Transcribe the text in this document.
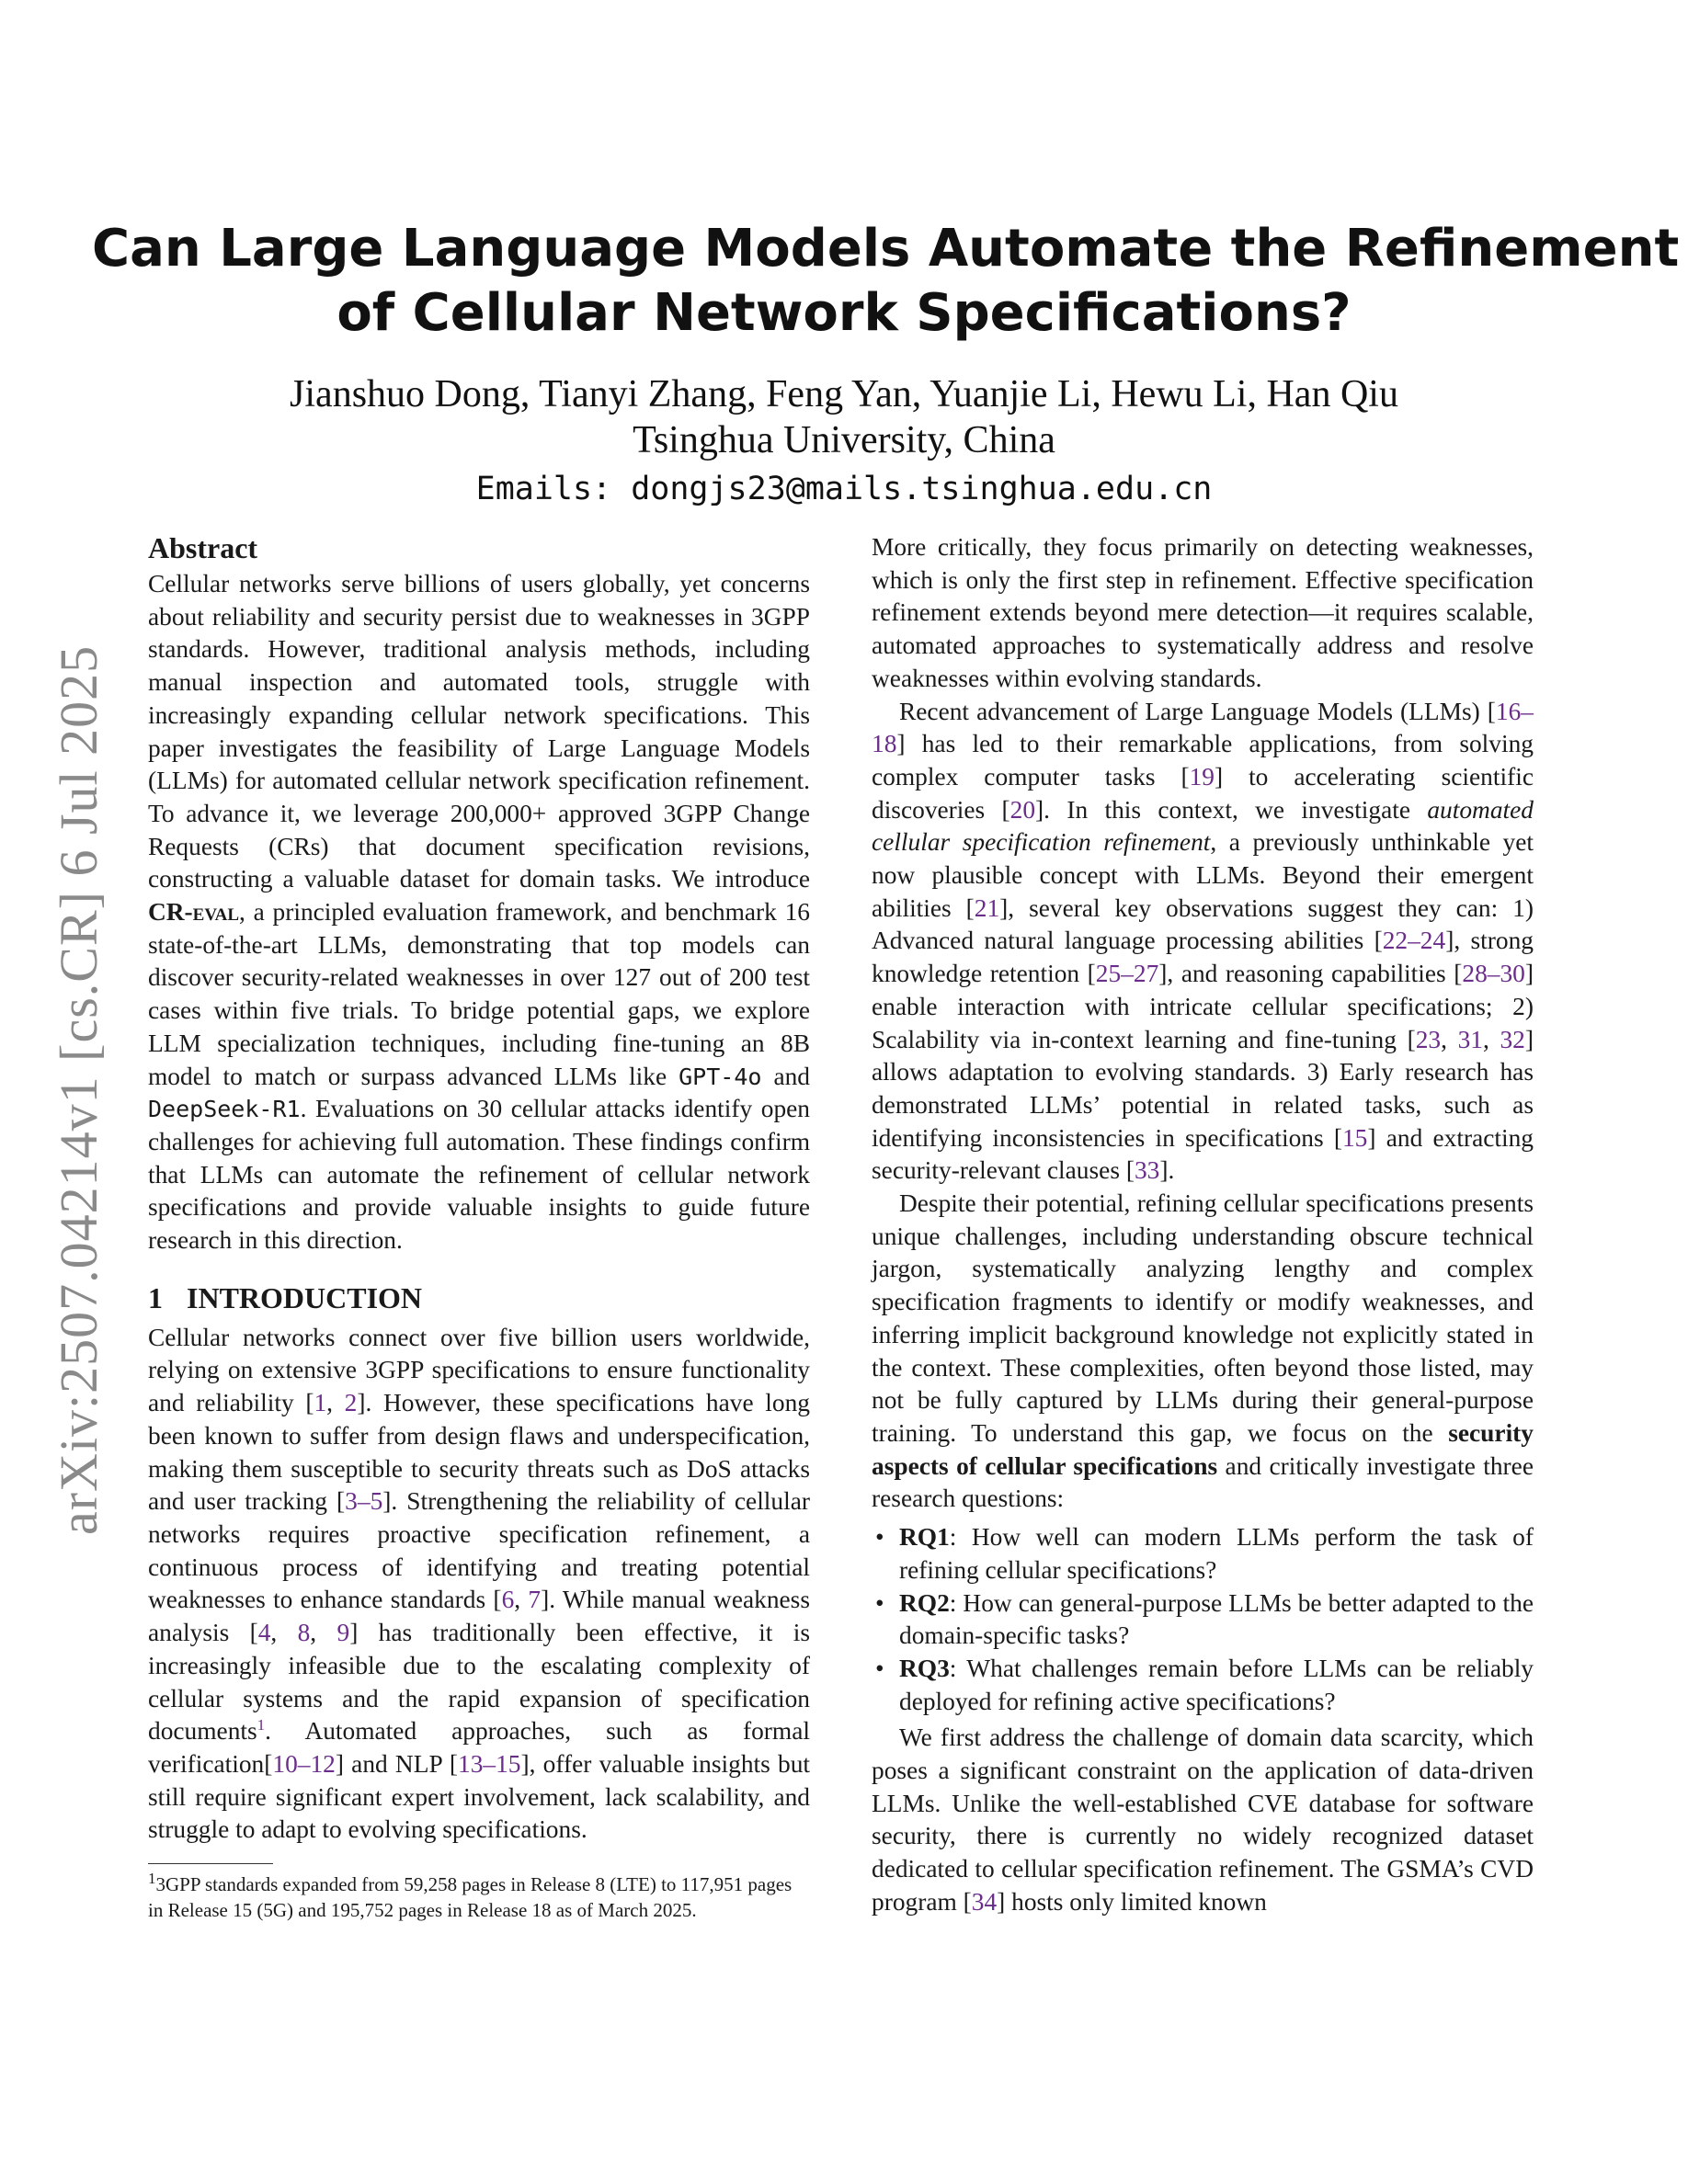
arXiv:2507.04214v1 [cs.CR] 6 Jul 2025
Can Large Language Models Automate the Refinement
of Cellular Network Specifications?
Jianshuo Dong, Tianyi Zhang, Feng Yan, Yuanjie Li, Hewu Li, Han Qiu
Tsinghua University, China
Emails: dongjs23@mails.tsinghua.edu.cn
Abstract

Cellular networks serve billions of users globally, yet concerns about reliability and security persist due to weaknesses in 3GPP standards. However, traditional analysis methods, including manual inspection and automated tools, struggle with increasingly expanding cellular network specifications. This paper investigates the feasibility of Large Language Models (LLMs) for automated cellular network specification refinement. To advance it, we leverage 200,000+ approved 3GPP Change Requests (CRs) that document specification revisions, constructing a valuable dataset for domain tasks. We introduce CR-eval, a principled evaluation framework, and benchmark 16 state-of-the-art LLMs, demonstrating that top models can discover security-related weaknesses in over 127 out of 200 test cases within five trials. To bridge potential gaps, we explore LLM specialization techniques, including fine-tuning an 8B model to match or surpass advanced LLMs like GPT-4o and DeepSeek-R1. Evaluations on 30 cellular attacks identify open challenges for achieving full automation. These findings confirm that LLMs can automate the refinement of cellular network specifications and provide valuable insights to guide future research in this direction.

1 INTRODUCTION

Cellular networks connect over five billion users worldwide, relying on extensive 3GPP specifications to ensure functionality and reliability [1, 2]. However, these specifications have long been known to suffer from design flaws and underspecification, making them susceptible to security threats such as DoS attacks and user tracking [3–5]. Strengthening the reliability of cellular networks requires proactive specification refinement, a continuous process of identifying and treating potential weaknesses to enhance standards [6, 7]. While manual weakness analysis [4, 8, 9] has traditionally been effective, it is increasingly infeasible due to the escalating complexity of cellular systems and the rapid expansion of specification documents$^1$. Automated approaches, such as formal verification[10–12] and NLP [13–15], offer valuable insights but still require significant expert involvement, lack scalability, and struggle to adapt to evolving specifications.

$^1$3GPP standards expanded from 59,258 pages in Release 8 (LTE) to 117,951 pages in Release 15 (5G) and 195,752 pages in Release 18 as of March 2025.

More critically, they focus primarily on detecting weaknesses, which is only the first step in refinement. Effective specification refinement extends beyond mere detection—it requires scalable, automated approaches to systematically address and resolve weaknesses within evolving standards.

Recent advancement of Large Language Models (LLMs) [16–18] has led to their remarkable applications, from solving complex computer tasks [19] to accelerating scientific discoveries [20]. In this context, we investigate automated cellular specification refinement, a previously unthinkable yet now plausible concept with LLMs. Beyond their emergent abilities [21], several key observations suggest they can: 1) Advanced natural language processing abilities [22–24], strong knowledge retention [25–27], and reasoning capabilities [28–30] enable interaction with intricate cellular specifications; 2) Scalability via in-context learning and fine-tuning [23, 31, 32] allows adaptation to evolving standards. 3) Early research has demonstrated LLMs’ potential in related tasks, such as identifying inconsistencies in specifications [15] and extracting security-relevant clauses [33].

Despite their potential, refining cellular specifications presents unique challenges, including understanding obscure technical jargon, systematically analyzing lengthy and complex specification fragments to identify or modify weaknesses, and inferring implicit background knowledge not explicitly stated in the context. These complexities, often beyond those listed, may not be fully captured by LLMs during their general-purpose training. To understand this gap, we focus on the security aspects of cellular specifications and critically investigate three research questions:

• RQ1: How well can modern LLMs perform the task of refining cellular specifications?
• RQ2: How can general-purpose LLMs be better adapted to the domain-specific tasks?
• RQ3: What challenges remain before LLMs can be reliably deployed for refining active specifications?

We first address the challenge of domain data scarcity, which poses a significant constraint on the application of data-driven LLMs. Unlike the well-established CVE database for software security, there is currently no widely recognized dataset dedicated to cellular specification refinement. The GSMA’s CVD program [34] hosts only limited known
